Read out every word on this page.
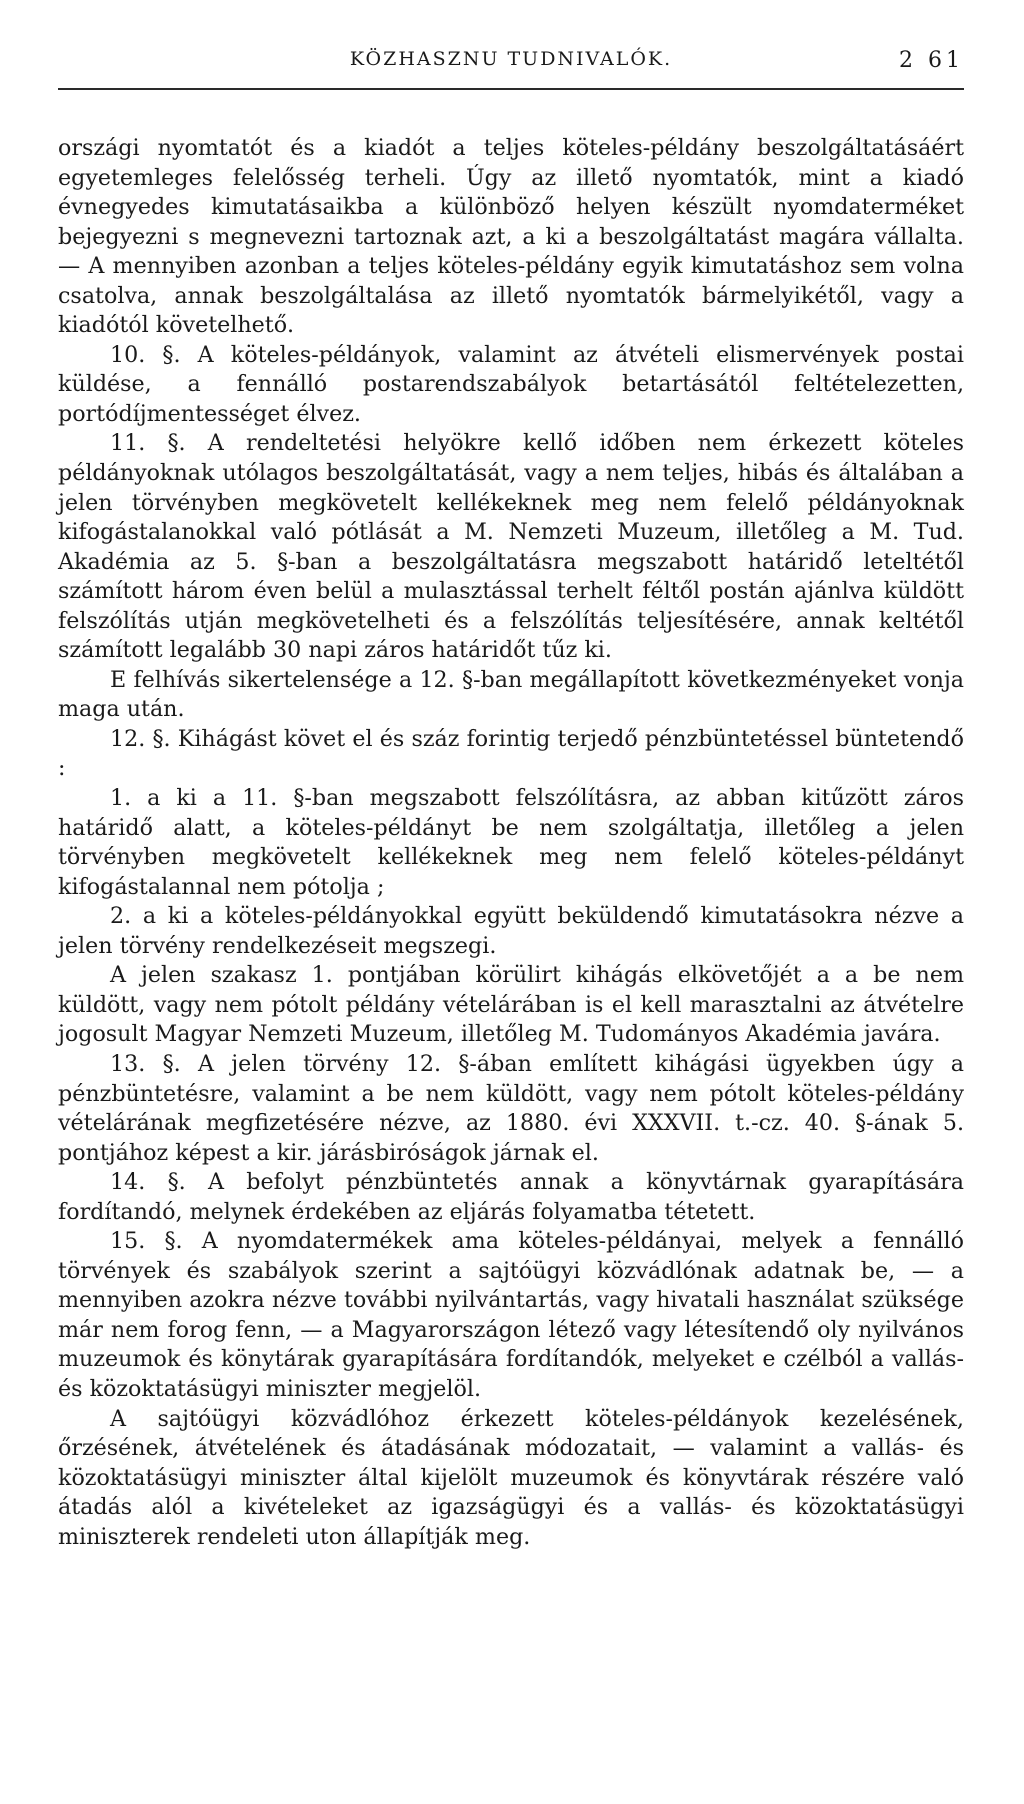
KÖZHASZNU TUDNIVALÓK.	2 61

országi nyomtatót és a kiadót a teljes köteles-példány beszolgáltatásáért egyetemleges felelősség terheli. Úgy az illető nyomtatók, mint a kiadó évnegyedes kimutatásaikba a különböző helyen készült nyomdaterméket bejegyezni s megnevezni tartoznak azt, a ki a beszolgáltatást magára vállalta. — A mennyiben azonban a teljes köteles-példány egyik kimutatáshoz sem volna csatolva, annak beszolgáltalása az illető nyomtatók bármelyikétől, vagy a kiadótól követelhető.

10. §. A köteles-példányok, valamint az átvételi elismervények postai küldése, a fennálló postarendszabályok betartásától feltételezetten, portódíjmentességet élvez.

11. §. A rendeltetési helyökre kellő időben nem érkezett köteles példányoknak utólagos beszolgáltatását, vagy a nem teljes, hibás és általában a jelen törvényben megkövetelt kellékeknek meg nem felelő példányoknak kifogástalanokkal való pótlását a M. Nemzeti Muzeum, illetőleg a M. Tud. Akadémia az 5. §-ban a beszolgáltatásra megszabott határidő leteltétől számított három éven belül a mulasztással terhelt féltől postán ajánlva küldött felszólítás utján megkövetelheti és a felszólítás teljesítésére, annak keltétől számított legalább 30 napi záros határidőt tűz ki.

E felhívás sikertelensége a 12. §-ban megállapított következményeket vonja maga után.

12. §. Kihágást követ el és száz forintig terjedő pénzbüntetéssel büntetendő :

1. a ki a 11. §-ban megszabott felszólításra, az abban kitűzött záros határidő alatt, a köteles-példányt be nem szolgáltatja, illetőleg a jelen törvényben megkövetelt kellékeknek meg nem felelő köteles-példányt kifogástalannal nem pótolja ;

2. a ki a köteles-példányokkal együtt beküldendő kimutatásokra nézve a jelen törvény rendelkezéseit megszegi.

A jelen szakasz 1. pontjában körülirt kihágás elkövetőjét a a be nem küldött, vagy nem pótolt példány vételárában is el kell marasztalni az átvételre jogosult Magyar Nemzeti Muzeum, illetőleg M. Tudományos Akadémia javára.

13. §. A jelen törvény 12. §-ában említett kihágási ügyekben úgy a pénzbüntetésre, valamint a be nem küldött, vagy nem pótolt köteles-példány vételárának megfizetésére nézve, az 1880. évi XXXVII. t.-cz. 40. §-ának 5. pontjához képest a kir. járásbiróságok járnak el.

14. §. A befolyt pénzbüntetés annak a könyvtárnak gyarapítására fordítandó, melynek érdekében az eljárás folyamatba tétetett.

15. §. A nyomdatermékek ama köteles-példányai, melyek a fennálló törvények és szabályok szerint a sajtóügyi közvádlónak adatnak be, — a mennyiben azokra nézve további nyilvántartás, vagy hivatali használat szüksége már nem forog fenn, — a Magyarországon létező vagy létesítendő oly nyilvános muzeumok és könytárak gyarapítására fordítandók, melyeket e czélból a vallás- és közoktatásügyi miniszter megjelöl.

A sajtóügyi közvádlóhoz érkezett köteles-példányok kezelésének, őrzésének, átvételének és átadásának módozatait, — valamint a vallás- és közoktatásügyi miniszter által kijelölt muzeumok és könyvtárak részére való átadás alól a kivételeket az igazságügyi és a vallás- és közoktatásügyi miniszterek rendeleti uton állapítják meg.
